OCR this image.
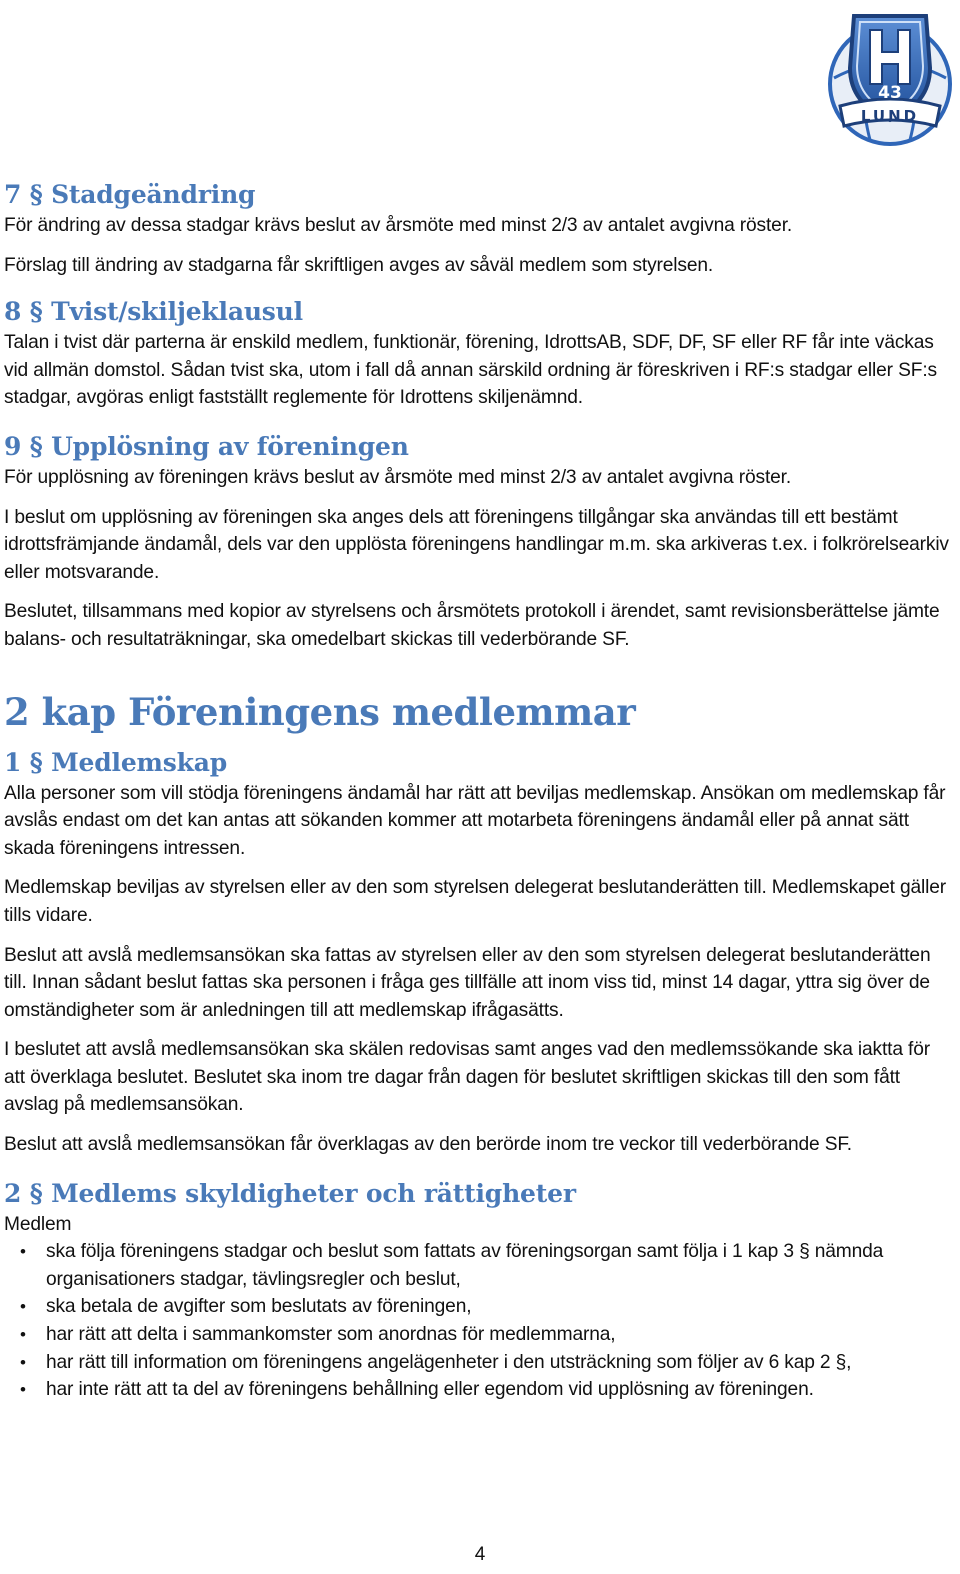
43
LUND
H
7 § Stadgeändring

För ändring av dessa stadgar krävs beslut av årsmöte med minst 2/3 av antalet avgivna röster.

Förslag till ändring av stadgarna får skriftligen avges av såväl medlem som styrelsen.

8 § Tvist/skiljeklausul

Talan i tvist där parterna är enskild medlem, funktionär, förening, IdrottsAB, SDF, DF, SF eller RF får inte väckas vid allmän domstol. Sådan tvist ska, utom i fall då annan särskild ordning är föreskriven i RF:s stadgar eller SF:s stadgar, avgöras enligt fastställt reglemente för Idrottens skiljenämnd.

9 § Upplösning av föreningen

För upplösning av föreningen krävs beslut av årsmöte med minst 2/3 av antalet avgivna röster.

I beslut om upplösning av föreningen ska anges dels att föreningens tillgångar ska användas till ett bestämt idrottsfrämjande ändamål, dels var den upplösta föreningens handlingar m.m. ska arkiveras t.ex. i folkrörelsearkiv eller motsvarande.

Beslutet, tillsammans med kopior av styrelsens och årsmötets protokoll i ärendet, samt revisionsberättelse jämte balans- och resultaträkningar, ska omedelbart skickas till vederbörande SF.

2 kap Föreningens medlemmar
1 § Medlemskap

Alla personer som vill stödja föreningens ändamål har rätt att beviljas medlemskap. Ansökan om medlemskap får avslås endast om det kan antas att sökanden kommer att motarbeta föreningens ändamål eller på annat sätt skada föreningens intressen.

Medlemskap beviljas av styrelsen eller av den som styrelsen delegerat beslutanderätten till. Medlemskapet gäller tills vidare.

Beslut att avslå medlemsansökan ska fattas av styrelsen eller av den som styrelsen delegerat beslutanderätten till. Innan sådant beslut fattas ska personen i fråga ges tillfälle att inom viss tid, minst 14 dagar, yttra sig över de omständigheter som är anledningen till att medlemskap ifrågasätts.

I beslutet att avslå medlemsansökan ska skälen redovisas samt anges vad den medlemssökande ska iaktta för att överklaga beslutet. Beslutet ska inom tre dagar från dagen för beslutet skriftligen skickas till den som fått avslag på medlemsansökan.

Beslut att avslå medlemsansökan får överklagas av den berörde inom tre veckor till vederbörande SF.

2 § Medlems skyldigheter och rättigheter

Medlem

• ska följa föreningens stadgar och beslut som fattats av föreningsorgan samt följa i 1 kap 3 § nämnda organisationers stadgar, tävlingsregler och beslut,
• ska betala de avgifter som beslutats av föreningen,
• har rätt att delta i sammankomster som anordnas för medlemmarna,
• har rätt till information om föreningens angelägenheter i den utsträckning som följer av 6 kap 2 §,
• har inte rätt att ta del av föreningens behållning eller egendom vid upplösning av föreningen.
4
